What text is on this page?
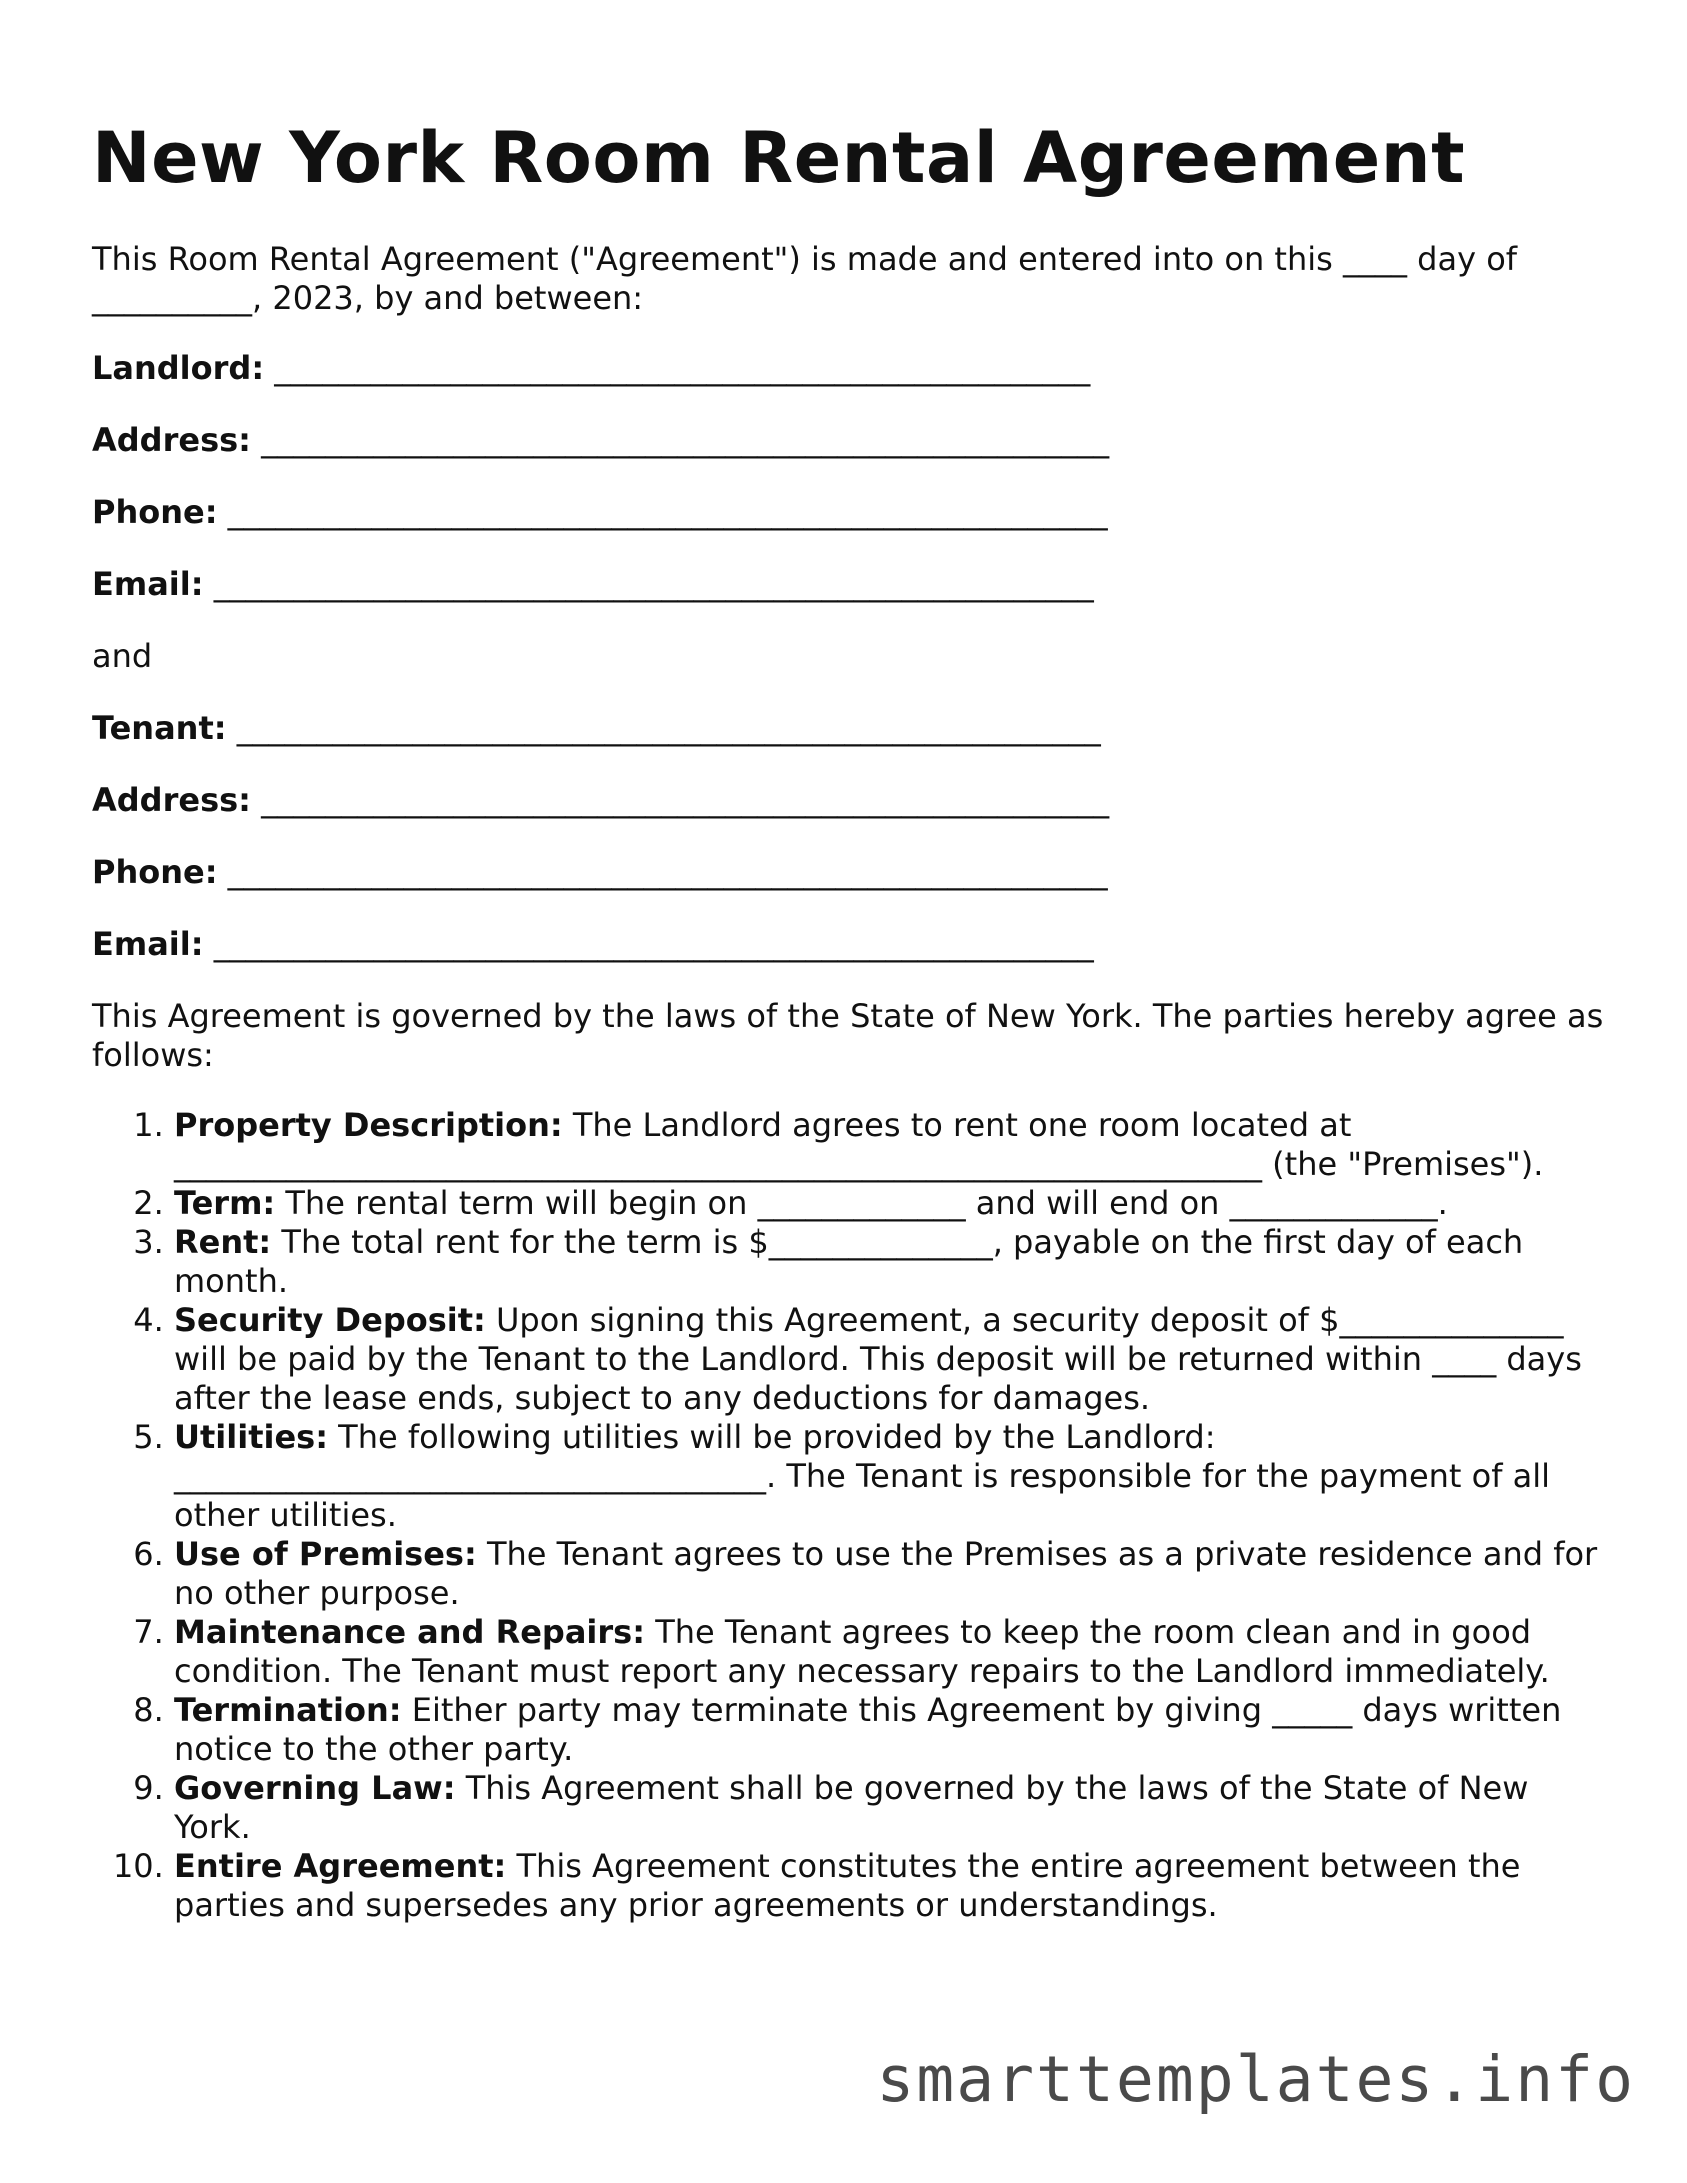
New York Room Rental Agreement

This Room Rental Agreement ("Agreement") is made and entered into on this ____ day of __________, 2023, by and between:

Landlord: ___________________________________________________

Address: _____________________________________________________

Phone: _______________________________________________________

Email: _______________________________________________________

and

Tenant: ______________________________________________________

Address: _____________________________________________________

Phone: _______________________________________________________

Email: _______________________________________________________

This Agreement is governed by the laws of the State of New York. The parties hereby agree as follows:

1. Property Description: The Landlord agrees to rent one room located at ____________________________________________________________________ (the "Premises").
2. Term: The rental term will begin on _____________ and will end on _____________.
3. Rent: The total rent for the term is $______________, payable on the first day of each month.
4. Security Deposit: Upon signing this Agreement, a security deposit of $______________ will be paid by the Tenant to the Landlord. This deposit will be returned within ____ days after the lease ends, subject to any deductions for damages.
5. Utilities: The following utilities will be provided by the Landlord: _____________________________________. The Tenant is responsible for the payment of all other utilities.
6. Use of Premises: The Tenant agrees to use the Premises as a private residence and for no other purpose.
7. Maintenance and Repairs: The Tenant agrees to keep the room clean and in good condition. The Tenant must report any necessary repairs to the Landlord immediately.
8. Termination: Either party may terminate this Agreement by giving _____ days written notice to the other party.
9. Governing Law: This Agreement shall be governed by the laws of the State of New York.
10. Entire Agreement: This Agreement constitutes the entire agreement between the parties and supersedes any prior agreements or understandings.
smarttemplates.info
